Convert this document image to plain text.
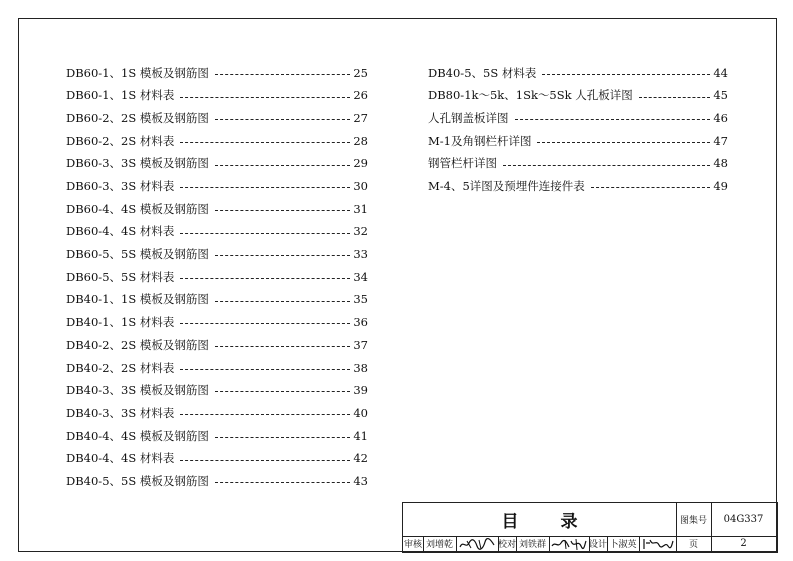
DB60-1、1S 模板及钢筋图	25
DB60-1、1S 材料表	26
DB60-2、2S 模板及钢筋图	27
DB60-2、2S 材料表	28
DB60-3、3S 模板及钢筋图	29
DB60-3、3S 材料表	30
DB60-4、4S 模板及钢筋图	31
DB60-4、4S 材料表	32
DB60-5、5S 模板及钢筋图	33
DB60-5、5S 材料表	34
DB40-1、1S 模板及钢筋图	35
DB40-1、1S 材料表	36
DB40-2、2S 模板及钢筋图	37
DB40-2、2S 材料表	38
DB40-3、3S 模板及钢筋图	39
DB40-3、3S 材料表	40
DB40-4、4S 模板及钢筋图	41
DB40-4、4S 材料表	42
DB40-5、5S 模板及钢筋图	43
DB40-5、5S 材料表	44
DB80-1k～5k、1Sk～5Sk 人孔板详图	45
人孔钢盖板详图	46
M-1及角钢栏杆详图	47
钢管栏杆详图	48
M-4、5详图及预埋件连接件表	49
目录	图集号	04G337
审核 刘增乾	校对 刘铁群	设计 卜淑英	页	2
